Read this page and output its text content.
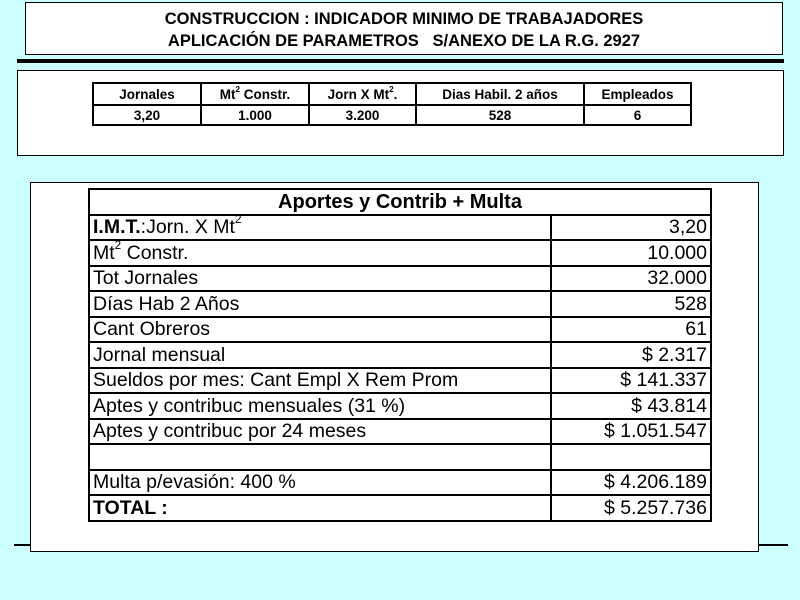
CONSTRUCCION : INDICADOR MINIMO DE TRABAJADORES
APLICACIÓN DE PARAMETROS   S/ANEXO DE LA R.G. 2927
Jornales	Mt$^2$ Constr.	Jorn X Mt$^2$.	Dias Habil. 2 años	Empleados
3,20	1.000	3.200	528	6
Aportes y Contrib + Multa	
I.M.T.:Jorn. X Mt$^2$	3,20
Mt$^2$ Constr.	10.000
Tot Jornales	32.000
Días Hab 2 Años	528
Cant Obreros	61
Jornal mensual	$ 2.317
Sueldos por mes: Cant Empl X Rem Prom	$ 141.337
Aptes y contribuc mensuales (31 %)	$ 43.814
Aptes y contribuc por 24 meses	$ 1.051.547

Multa p/evasión: 400 %	$ 4.206.189
TOTAL :	$ 5.257.736
